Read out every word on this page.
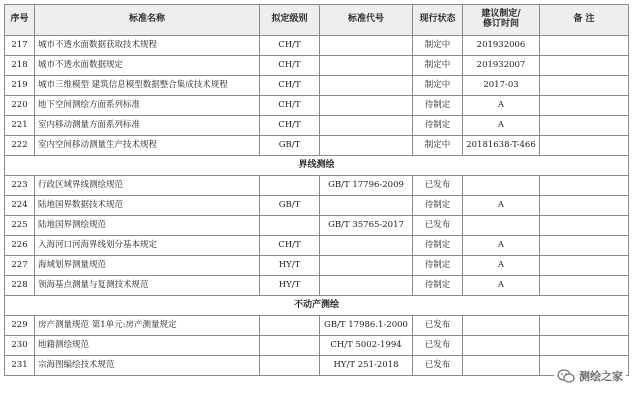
序号	标准名称	拟定级别	标准代号	现行状态	建议制定/
修订时间	备 注
217	城市不透水面数据获取技术规程	CH/T		制定中	201932006	
218	城市不透水面数据规定	CH/T		制定中	201932007	
219	城市三维模型 建筑信息模型数据整合集成技术规程	CH/T		制定中	2017-03	
220	地下空间测绘方面系列标准	CH/T		待制定	A	
221	室内移动测量方面系列标准	CH/T		待制定	A	
222	室内空间移动测量生产技术规程	GB/T		制定中	20181638-T-466	
界线测绘						
223	行政区域界线测绘规范		GB/T 17796-2009	已发布		
224	陆地国界数据技术规范	GB/T		待制定	A	
225	陆地国界测绘规范		GB/T 35765-2017	已发布		
226	入海河口河海界线划分基本规定	CH/T		待制定	A	
227	海域划界测量规范	HY/T		待制定	A	
228	领海基点测量与复测技术规范	HY/T		待制定	A	
不动产测绘						
229	房产测量规范 第1单元:房产测量规定		GB/T 17986.1-2000	已发布		
230	地籍测绘规范		CH/T 5002-1994	已发布		
231	宗海图编绘技术规范		HY/T 251-2018	已发布		
测绘之家
